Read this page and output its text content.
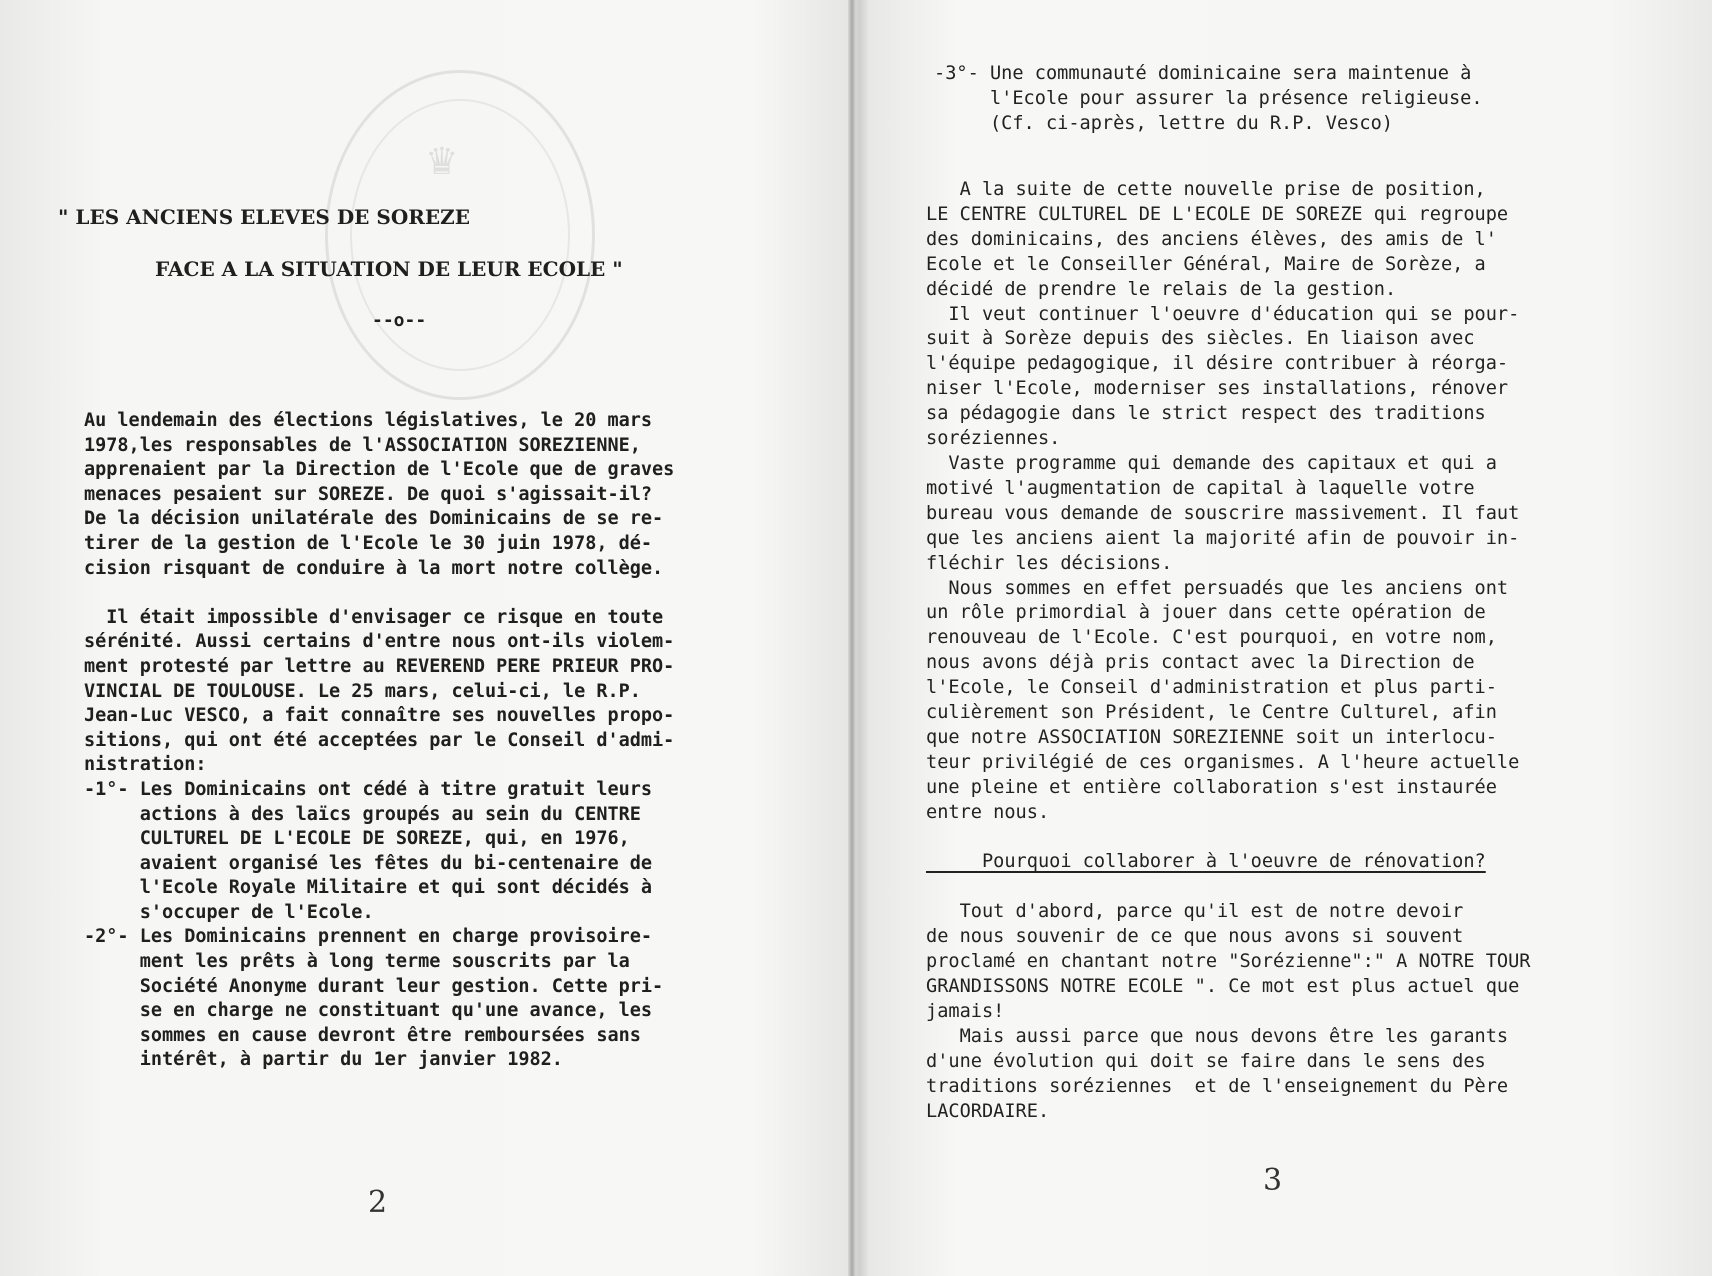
♛
" LES ANCIENS ELEVES DE SOREZE
FACE A LA SITUATION DE LEUR ECOLE "
--o--
Au lendemain des élections législatives, le 20 mars
1978,les responsables de l'ASSOCIATION SOREZIENNE,
apprenaient par la Direction de l'Ecole que de graves
menaces pesaient sur SOREZE. De quoi s'agissait-il?
De la décision unilatérale des Dominicains de se re-
tirer de la gestion de l'Ecole le 30 juin 1978, dé-
cision risquant de conduire à la mort notre collège.

Il était impossible d'envisager ce risque en toute
sérénité. Aussi certains d'entre nous ont-ils violem-
ment protesté par lettre au REVEREND PERE PRIEUR PRO-
VINCIAL DE TOULOUSE. Le 25 mars, celui-ci, le R.P.
Jean-Luc VESCO, a fait connaître ses nouvelles propo-
sitions, qui ont été acceptées par le Conseil d'admi-
nistration:
-1°- Les Dominicains ont cédé à titre gratuit leurs
actions à des laïcs groupés au sein du CENTRE
CULTUREL DE L'ECOLE DE SOREZE, qui, en 1976,
avaient organisé les fêtes du bi-centenaire de
l'Ecole Royale Militaire et qui sont décidés à
s'occuper de l'Ecole.
-2°- Les Dominicains prennent en charge provisoire-
ment les prêts à long terme souscrits par la
Société Anonyme durant leur gestion. Cette pri-
se en charge ne constituant qu'une avance, les
sommes en cause devront être remboursées sans
intérêt, à partir du 1er janvier 1982.
2
-3°- Une communauté dominicaine sera maintenue à
l'Ecole pour assurer la présence religieuse.
(Cf. ci-après, lettre du R.P. Vesco)
A la suite de cette nouvelle prise de position,
LE CENTRE CULTUREL DE L'ECOLE DE SOREZE qui regroupe
des dominicains, des anciens élèves, des amis de l'
Ecole et le Conseiller Général, Maire de Sorèze, a
décidé de prendre le relais de la gestion.
Il veut continuer l'oeuvre d'éducation qui se pour-
suit à Sorèze depuis des siècles. En liaison avec
l'équipe pedagogique, il désire contribuer à réorga-
niser l'Ecole, moderniser ses installations, rénover
sa pédagogie dans le strict respect des traditions
soréziennes.
Vaste programme qui demande des capitaux et qui a
motivé l'augmentation de capital à laquelle votre
bureau vous demande de souscrire massivement. Il faut
que les anciens aient la majorité afin de pouvoir in-
fléchir les décisions.
Nous sommes en effet persuadés que les anciens ont
un rôle primordial à jouer dans cette opération de
renouveau de l'Ecole. C'est pourquoi, en votre nom,
nous avons déjà pris contact avec la Direction de
l'Ecole, le Conseil d'administration et plus parti-
culièrement son Président, le Centre Culturel, afin
que notre ASSOCIATION SOREZIENNE soit un interlocu-
teur privilégié de ces organismes. A l'heure actuelle
une pleine et entière collaboration s'est instaurée
entre nous.

Pourquoi collaborer à l'oeuvre de rénovation?

Tout d'abord, parce qu'il est de notre devoir
de nous souvenir de ce que nous avons si souvent
proclamé en chantant notre "Sorézienne":" A NOTRE TOUR
GRANDISSONS NOTRE ECOLE ". Ce mot est plus actuel que
jamais!
Mais aussi parce que nous devons être les garants
d'une évolution qui doit se faire dans le sens des
traditions soréziennes  et de l'enseignement du Père
LACORDAIRE.
3
